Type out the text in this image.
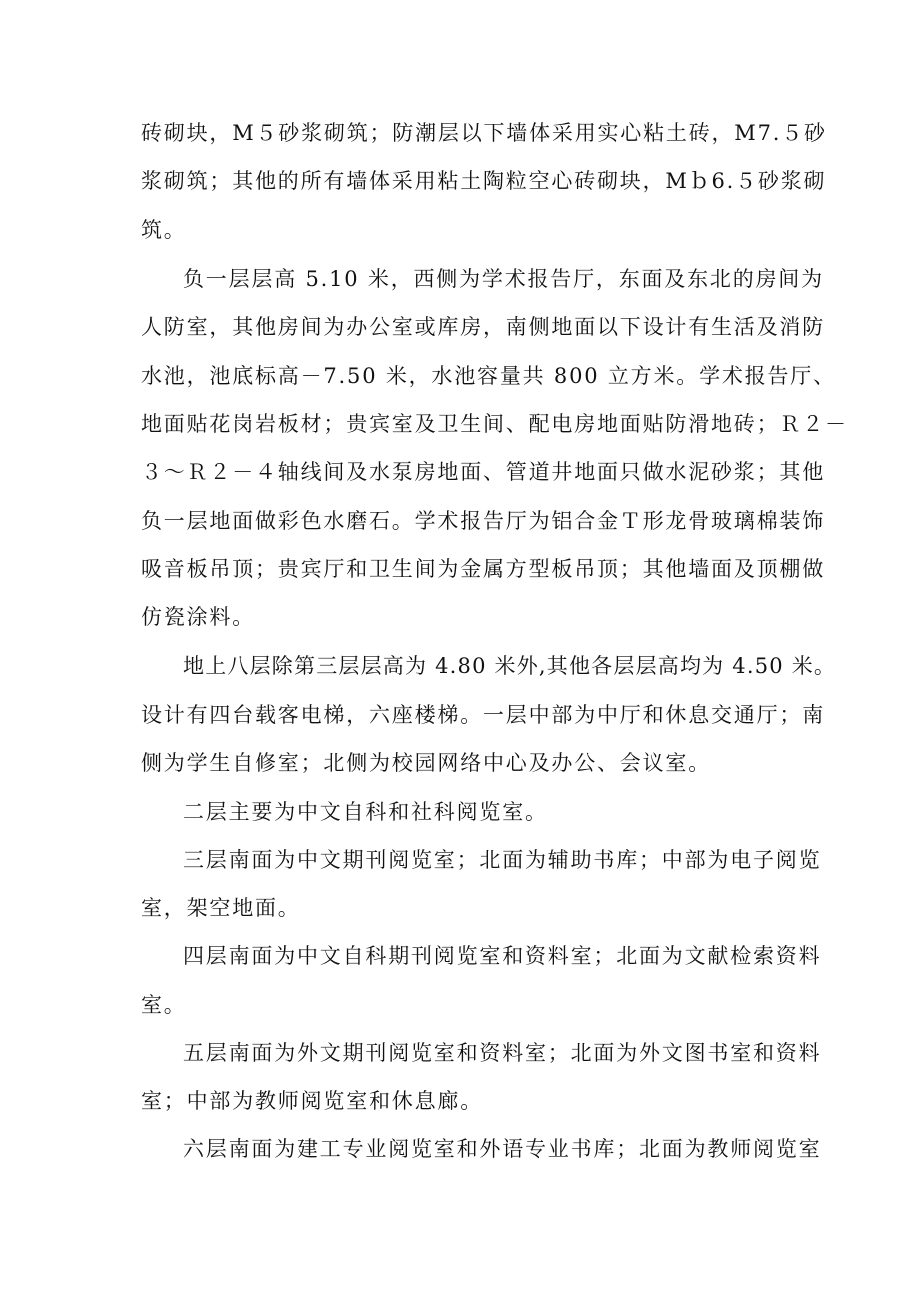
砖砌块，M５砂浆砌筑；防潮层以下墙体采用实心粘土砖，M7.５砂
浆砌筑；其他的所有墙体采用粘土陶粒空心砖砌块，Mｂ6.５砂浆砌
筑。
负一层层高 5.10 米，西侧为学术报告厅，东面及东北的房间为
人防室，其他房间为办公室或库房，南侧地面以下设计有生活及消防
水池，池底标高－7.50 米，水池容量共 800 立方米。学术报告厅、
地面贴花岗岩板材；贵宾室及卫生间、配电房地面贴防滑地砖；Ｒ２－
３～Ｒ２－４轴线间及水泵房地面、管道井地面只做水泥砂浆；其他
负一层地面做彩色水磨石。学术报告厅为铝合金Ｔ形龙骨玻璃棉装饰
吸音板吊顶；贵宾厅和卫生间为金属方型板吊顶；其他墙面及顶棚做
仿瓷涂料。
地上八层除第三层层高为 4.80 米外,其他各层层高均为 4.50 米。
设计有四台载客电梯，六座楼梯。一层中部为中厅和休息交通厅；南
侧为学生自修室；北侧为校园网络中心及办公、会议室。
二层主要为中文自科和社科阅览室。
三层南面为中文期刊阅览室；北面为辅助书库；中部为电子阅览
室，架空地面。
四层南面为中文自科期刊阅览室和资料室；北面为文献检索资料
室。
五层南面为外文期刊阅览室和资料室；北面为外文图书室和资料
室；中部为教师阅览室和休息廊。
六层南面为建工专业阅览室和外语专业书库；北面为教师阅览室
